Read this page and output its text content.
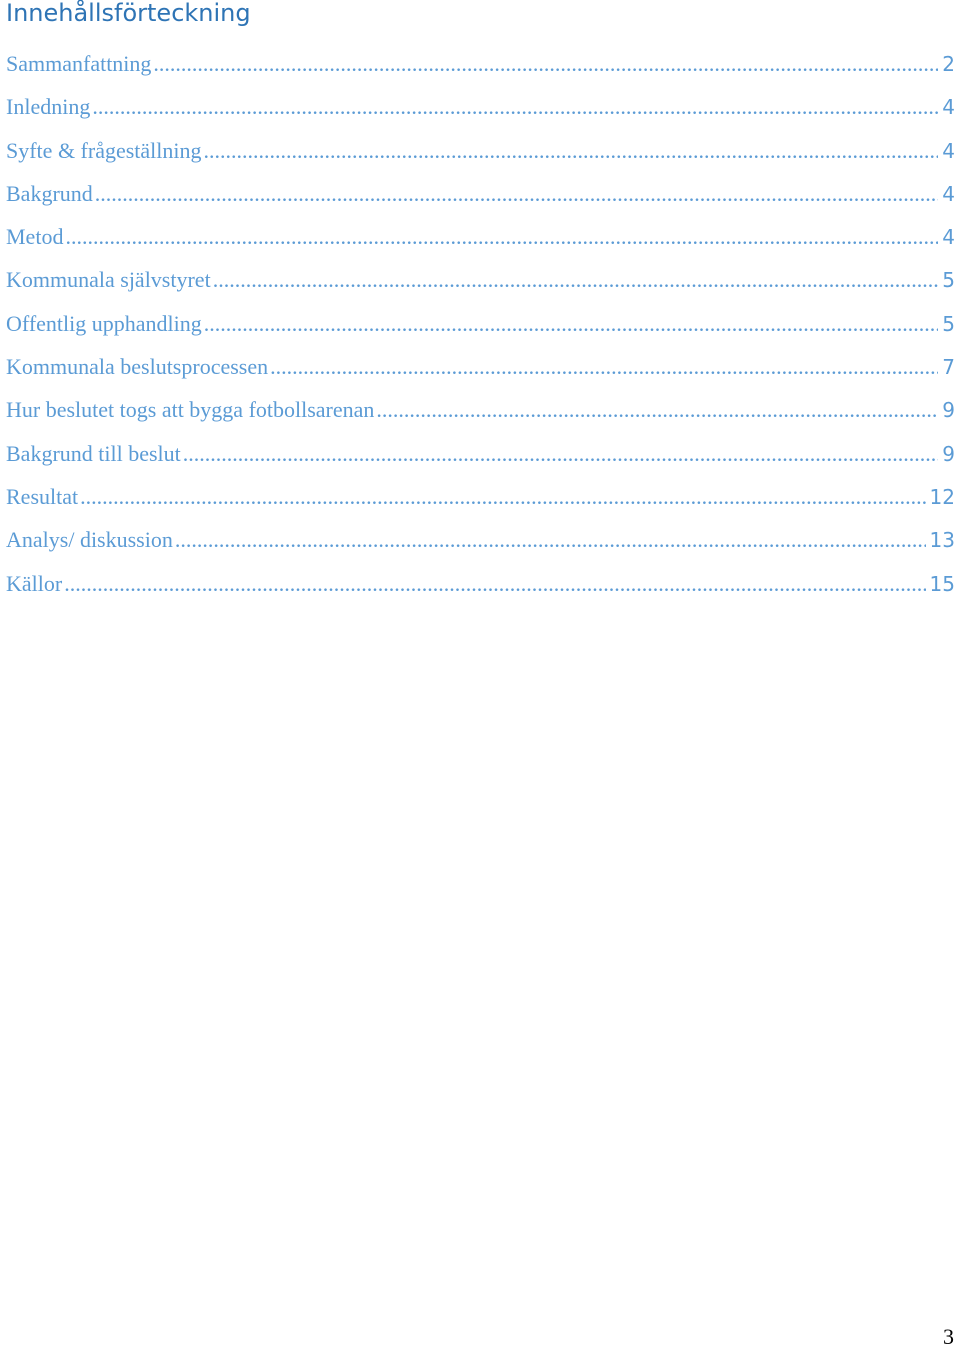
Innehållsförteckning
Sammanfattning .....	2
Inledning .....	4
Syfte & frågeställning .....	4
Bakgrund .....	4
Metod .....	4
Kommunala självstyret .....	5
Offentlig upphandling .....	5
Kommunala beslutsprocessen .....	7
Hur beslutet togs att bygga fotbollsarenan .....	9
Bakgrund till beslut .....	9
Resultat .....	12
Analys/ diskussion .....	13
Källor .....	15
3
